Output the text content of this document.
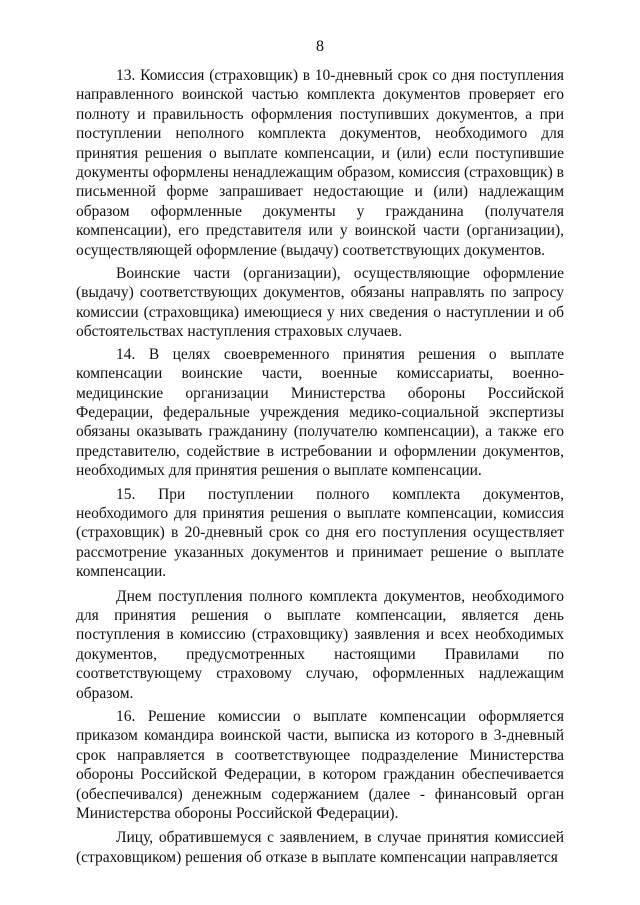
8

13. Комиссия (страховщик) в 10-дневный срок со дня поступления направленного воинской частью комплекта документов проверяет его полноту и правильность оформления поступивших документов, а при поступлении неполного комплекта документов, необходимого для принятия решения о выплате компенсации, и (или) если поступившие документы оформлены ненадлежащим образом, комиссия (страховщик) в письменной форме запрашивает недостающие и (или) надлежащим образом оформленные документы у гражданина (получателя компенсации), его представителя или у воинской части (организации), осуществляющей оформление (выдачу) соответствующих документов.

Воинские части (организации), осуществляющие оформление (выдачу) соответствующих документов, обязаны направлять по запросу комиссии (страховщика) имеющиеся у них сведения о наступлении и об обстоятельствах наступления страховых случаев.

14. В целях своевременного принятия решения о выплате компенсации воинские части, военные комиссариаты, военно-медицинские организации Министерства обороны Российской Федерации, федеральные учреждения медико-социальной экспертизы обязаны оказывать гражданину (получателю компенсации), а также его представителю, содействие в истребовании и оформлении документов, необходимых для принятия решения о выплате компенсации.

15. При поступлении полного комплекта документов, необходимого для принятия решения о выплате компенсации, комиссия (страховщик) в 20-дневный срок со дня его поступления осуществляет рассмотрение указанных документов и принимает решение о выплате компенсации.

Днем поступления полного комплекта документов, необходимого для принятия решения о выплате компенсации, является день поступления в комиссию (страховщику) заявления и всех необходимых документов, предусмотренных настоящими Правилами по соответствующему страховому случаю, оформленных надлежащим образом.

16. Решение комиссии о выплате компенсации оформляется приказом командира воинской части, выписка из которого в 3-дневный срок направляется в соответствующее подразделение Министерства обороны Российской Федерации, в котором гражданин обеспечивается (обеспечивался) денежным содержанием (далее - финансовый орган Министерства обороны Российской Федерации).

Лицу, обратившемуся с заявлением, в случае принятия комиссией (страховщиком) решения об отказе в выплате компенсации направляется
